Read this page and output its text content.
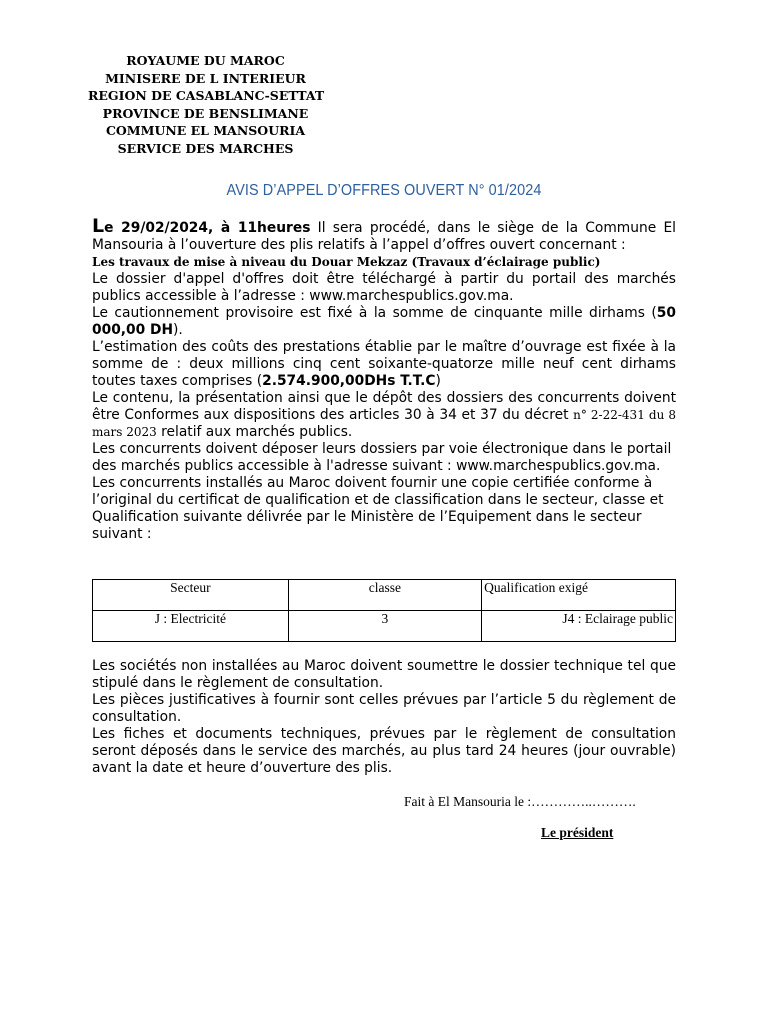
ROYAUME DU MAROC
MINISERE DE L INTERIEUR
REGION DE CASABLANC-SETTAT
PROVINCE DE BENSLIMANE
COMMUNE EL MANSOURIA
SERVICE DES MARCHES
AVIS D’APPEL D’OFFRES OUVERT N° 01/2024

Le 29/02/2024, à 11heures Il sera procédé, dans le siège de la Commune El Mansouria à l’ouverture des plis relatifs à l’appel d’offres ouvert concernant :

Les travaux de mise à niveau du Douar Mekzaz (Travaux d’éclairage public)

Le dossier d'appel d'offres doit être téléchargé à partir du portail des marchés publics accessible à l’adresse : www.marchespublics.gov.ma.

Le cautionnement provisoire est fixé à la somme de cinquante mille dirhams (50 000,00 DH).

L’estimation des coûts des prestations établie par le maître d’ouvrage est fixée à la somme de : deux millions cinq cent soixante-quatorze mille neuf cent dirhams toutes taxes comprises (2.574.900,00DHs T.T.C)

Le contenu, la présentation ainsi que le dépôt des dossiers des concurrents doivent être Conformes aux dispositions des articles 30 à 34 et 37 du décret n° 2-22-431 du 8 mars 2023 relatif aux marchés publics.

Les concurrents doivent déposer leurs dossiers par voie électronique dans le portail des marchés publics accessible à l'adresse suivant : www.marchespublics.gov.ma.

Les concurrents installés au Maroc doivent fournir une copie certifiée conforme à l’original du certificat de qualification et de classification dans le secteur, classe et Qualification suivante délivrée par le Ministère de l’Equipement dans le secteur suivant :

Secteur	classe	Qualification exigé
J : Electricité	3	J4 : Eclairage public

Les sociétés non installées au Maroc doivent soumettre le dossier technique tel que stipulé dans le règlement de consultation.

Les pièces justificatives à fournir sont celles prévues par l’article 5 du règlement de consultation.

Les fiches et documents techniques, prévues par le règlement de consultation seront déposés dans le service des marchés, au plus tard 24 heures (jour ouvrable) avant la date et heure d’ouverture des plis.

Fait à El Mansouria le :…………..……….
Le président
